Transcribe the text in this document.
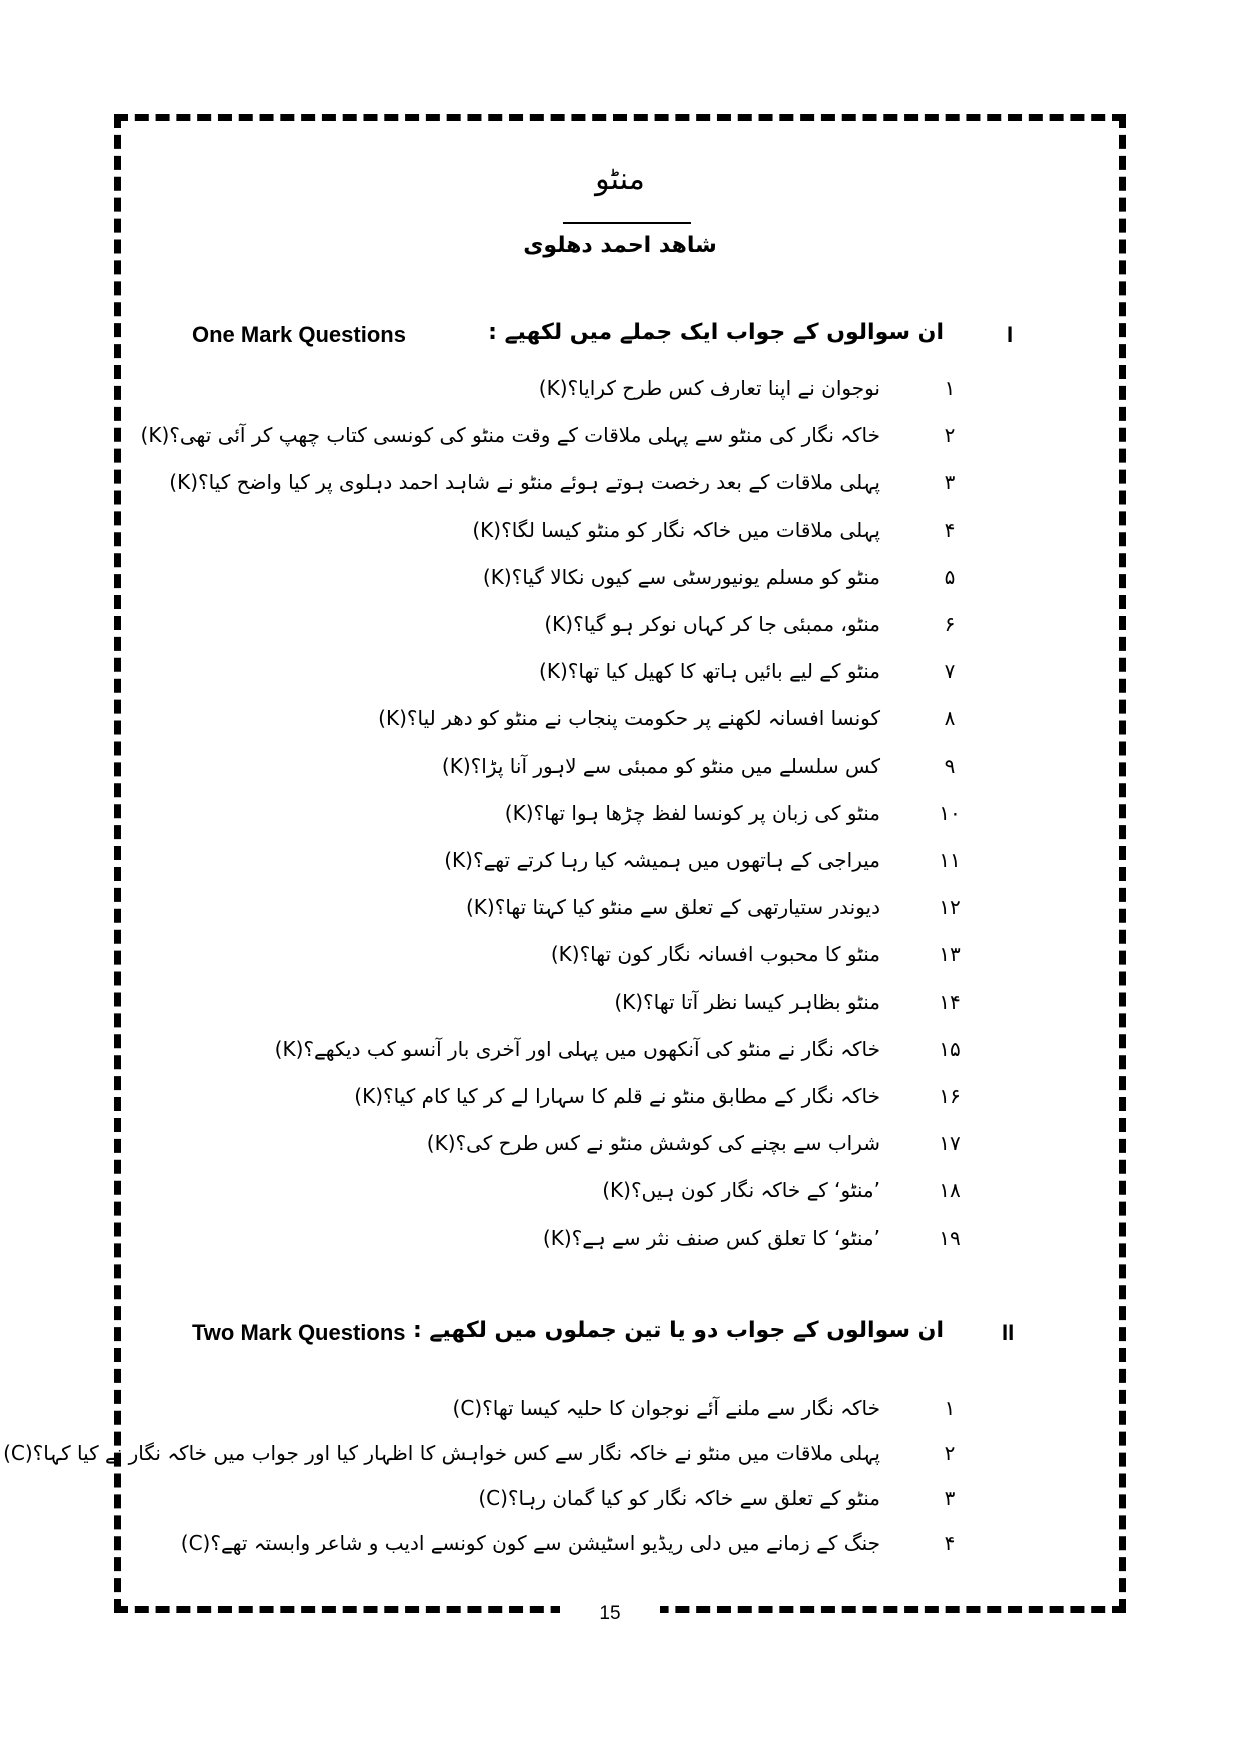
15
منٹو
شاھد احمد دھلوی
I
ان سوالوں کے جواب ایک جملے میں لکھیے :
One Mark Questions
۱
نوجوان نے اپنا تعارف کس طرح کرایا؟(K)
۲
خاکہ نگار کی منٹو سے پہلی ملاقات کے وقت منٹو کی کونسی کتاب چھپ کر آئی تھی؟(K)
۳
پہلی ملاقات کے بعد رخصت ہوتے ہوئے منٹو نے شاہد احمد دہلوی پر کیا واضح کیا؟(K)
۴
پہلی ملاقات میں خاکہ نگار کو منٹو کیسا لگا؟(K)
۵
منٹو کو مسلم یونیورسٹی سے کیوں نکالا گیا؟(K)
۶
منٹو، ممبئی جا کر کہاں نوکر ہو گیا؟(K)
۷
منٹو کے لیے بائیں ہاتھ کا کھیل کیا تھا؟(K)
۸
کونسا افسانہ لکھنے پر حکومت پنجاب نے منٹو کو دھر لیا؟(K)
۹
کس سلسلے میں منٹو کو ممبئی سے لاہور آنا پڑا؟(K)
۱۰
منٹو کی زبان پر کونسا لفظ چڑھا ہوا تھا؟(K)
۱۱
میراجی کے ہاتھوں میں ہمیشہ کیا رہا کرتے تھے؟(K)
۱۲
دیوندر ستیارتھی کے تعلق سے منٹو کیا کہتا تھا؟(K)
۱۳
منٹو کا محبوب افسانہ نگار کون تھا؟(K)
۱۴
منٹو بظاہر کیسا نظر آتا تھا؟(K)
۱۵
خاکہ نگار نے منٹو کی آنکھوں میں پہلی اور آخری بار آنسو کب دیکھے؟(K)
۱۶
خاکہ نگار کے مطابق منٹو نے قلم کا سہارا لے کر کیا کام کیا؟(K)
۱۷
شراب سے بچنے کی کوشش منٹو نے کس طرح کی؟(K)
۱۸
’منٹو‘ کے خاکہ نگار کون ہیں؟(K)
۱۹
’منٹو‘ کا تعلق کس صنف نثر سے ہے؟(K)
II
ان سوالوں کے جواب دو یا تین جملوں میں لکھیے :
Two Mark Questions
۱
خاکہ نگار سے ملنے آئے نوجوان کا حلیہ کیسا تھا؟(C)
۲
پہلی ملاقات میں منٹو نے خاکہ نگار سے کس خواہش کا اظہار کیا اور جواب میں خاکہ نگار نے کیا کہا؟(C)
۳
منٹو کے تعلق سے خاکہ نگار کو کیا گمان رہا؟(C)
۴
جنگ کے زمانے میں دلی ریڈیو اسٹیشن سے کون کونسے ادیب و شاعر وابستہ تھے؟(C)
